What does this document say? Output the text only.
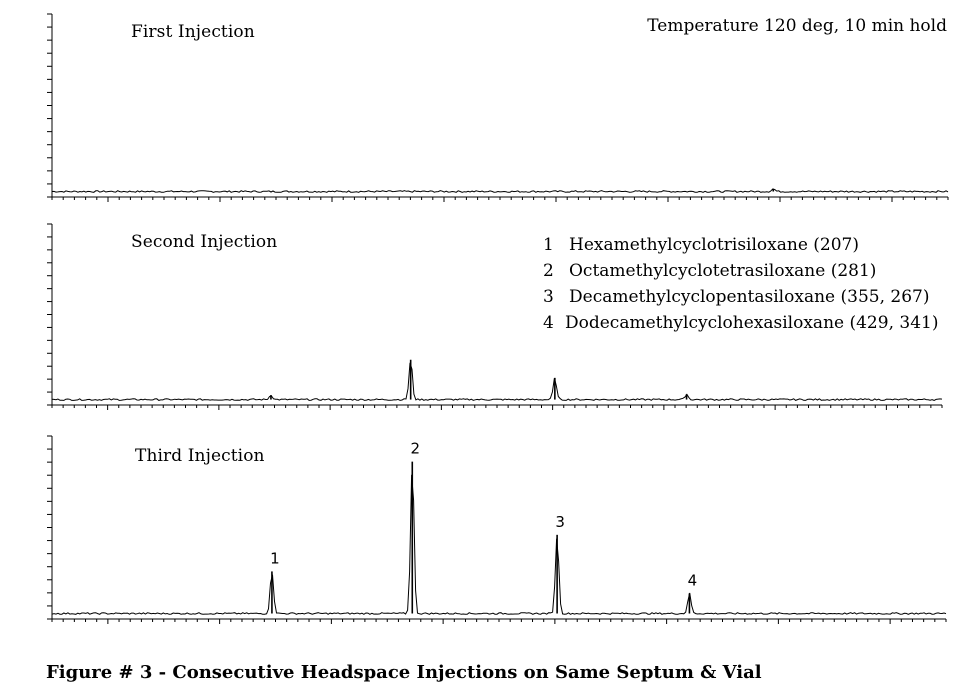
1
2
3
4
First Injection
Second Injection
Third Injection
Temperature 120 deg, 10 min hold
1 Hexamethylcyclotrisiloxane (207)
2 Octamethylcyclotetrasiloxane (281)
3 Decamethylcyclopentasiloxane (355, 267)
4 Dodecamethylcyclohexasiloxane (429, 341)
Figure # 3 - Consecutive Headspace Injections on Same Septum & Vial
